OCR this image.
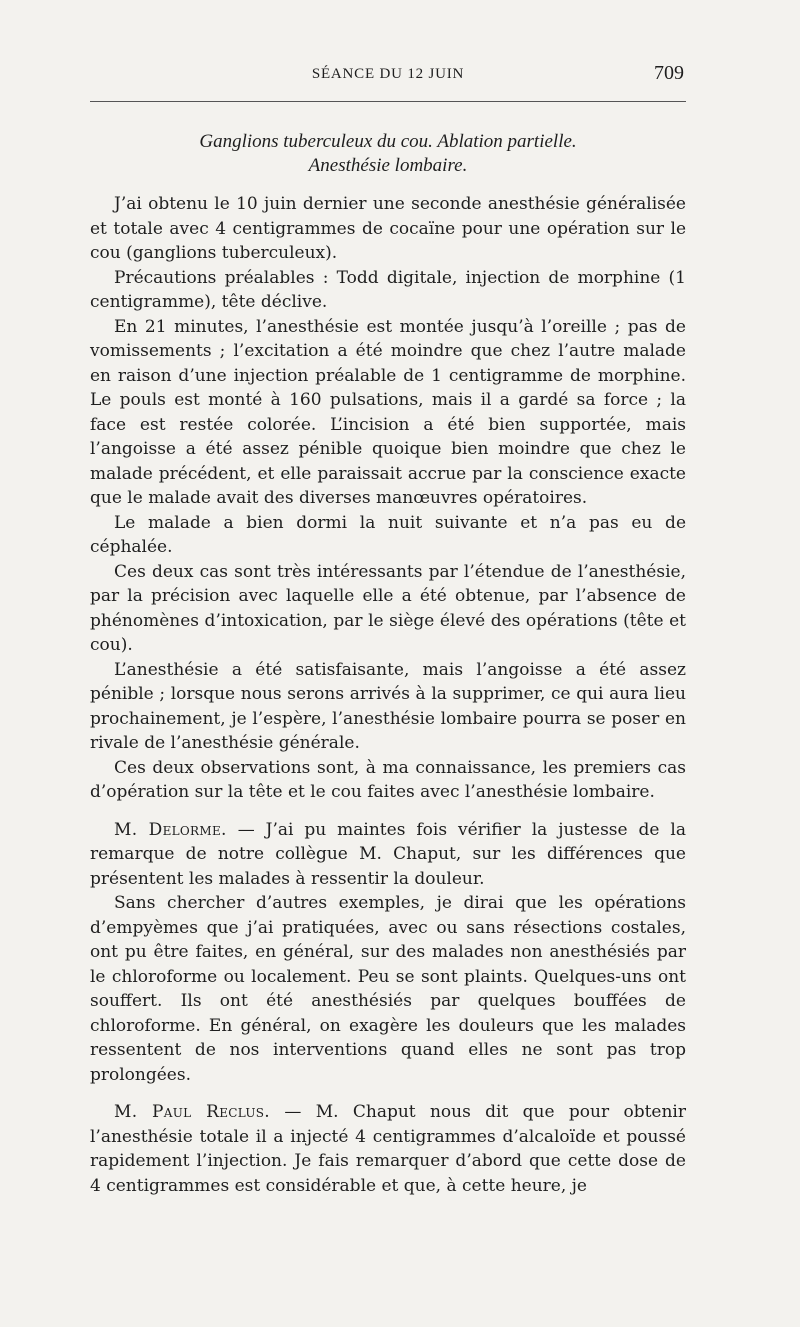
SÉANCE DU 12 JUIN	709
Ganglions tuberculeux du cou. Ablation partielle.
Anesthésie lombaire.

J’ai obtenu le 10 juin dernier une seconde anesthésie généralisée et totale avec 4 centigrammes de cocaïne pour une opération sur le cou (ganglions tuberculeux).

Précautions préalables : Todd digitale, injection de morphine (1 centigramme), tête déclive.

En 21 minutes, l’anesthésie est montée jusqu’à l’oreille ; pas de vomissements ; l’excitation a été moindre que chez l’autre malade en raison d’une injection préalable de 1 centigramme de morphine. Le pouls est monté à 160 pulsations, mais il a gardé sa force ; la face est restée colorée. L’incision a été bien supportée, mais l’angoisse a été assez pénible quoique bien moindre que chez le malade précédent, et elle paraissait accrue par la conscience exacte que le malade avait des diverses manœuvres opératoires.

Le malade a bien dormi la nuit suivante et n’a pas eu de céphalée.

Ces deux cas sont très intéressants par l’étendue de l’anesthésie, par la précision avec laquelle elle a été obtenue, par l’absence de phénomènes d’intoxication, par le siège élevé des opérations (tête et cou).

L’anesthésie a été satisfaisante, mais l’angoisse a été assez pénible ; lorsque nous serons arrivés à la supprimer, ce qui aura lieu prochainement, je l’espère, l’anesthésie lombaire pourra se poser en rivale de l’anesthésie générale.

Ces deux observations sont, à ma connaissance, les premiers cas d’opération sur la tête et le cou faites avec l’anesthésie lombaire.

M. Delorme. — J’ai pu maintes fois vérifier la justesse de la remarque de notre collègue M. Chaput, sur les différences que présentent les malades à ressentir la douleur.

Sans chercher d’autres exemples, je dirai que les opérations d’empyèmes que j’ai pratiquées, avec ou sans résections costales, ont pu être faites, en général, sur des malades non anesthésiés par le chloroforme ou localement. Peu se sont plaints. Quelques-uns ont souffert. Ils ont été anesthésiés par quelques bouffées de chloroforme. En général, on exagère les douleurs que les malades ressentent de nos interventions quand elles ne sont pas trop prolongées.

M. Paul Reclus. — M. Chaput nous dit que pour obtenir l’anesthésie totale il a injecté 4 centigrammes d’alcaloïde et poussé rapidement l’injection. Je fais remarquer d’abord que cette dose de 4 centigrammes est considérable et que, à cette heure, je
